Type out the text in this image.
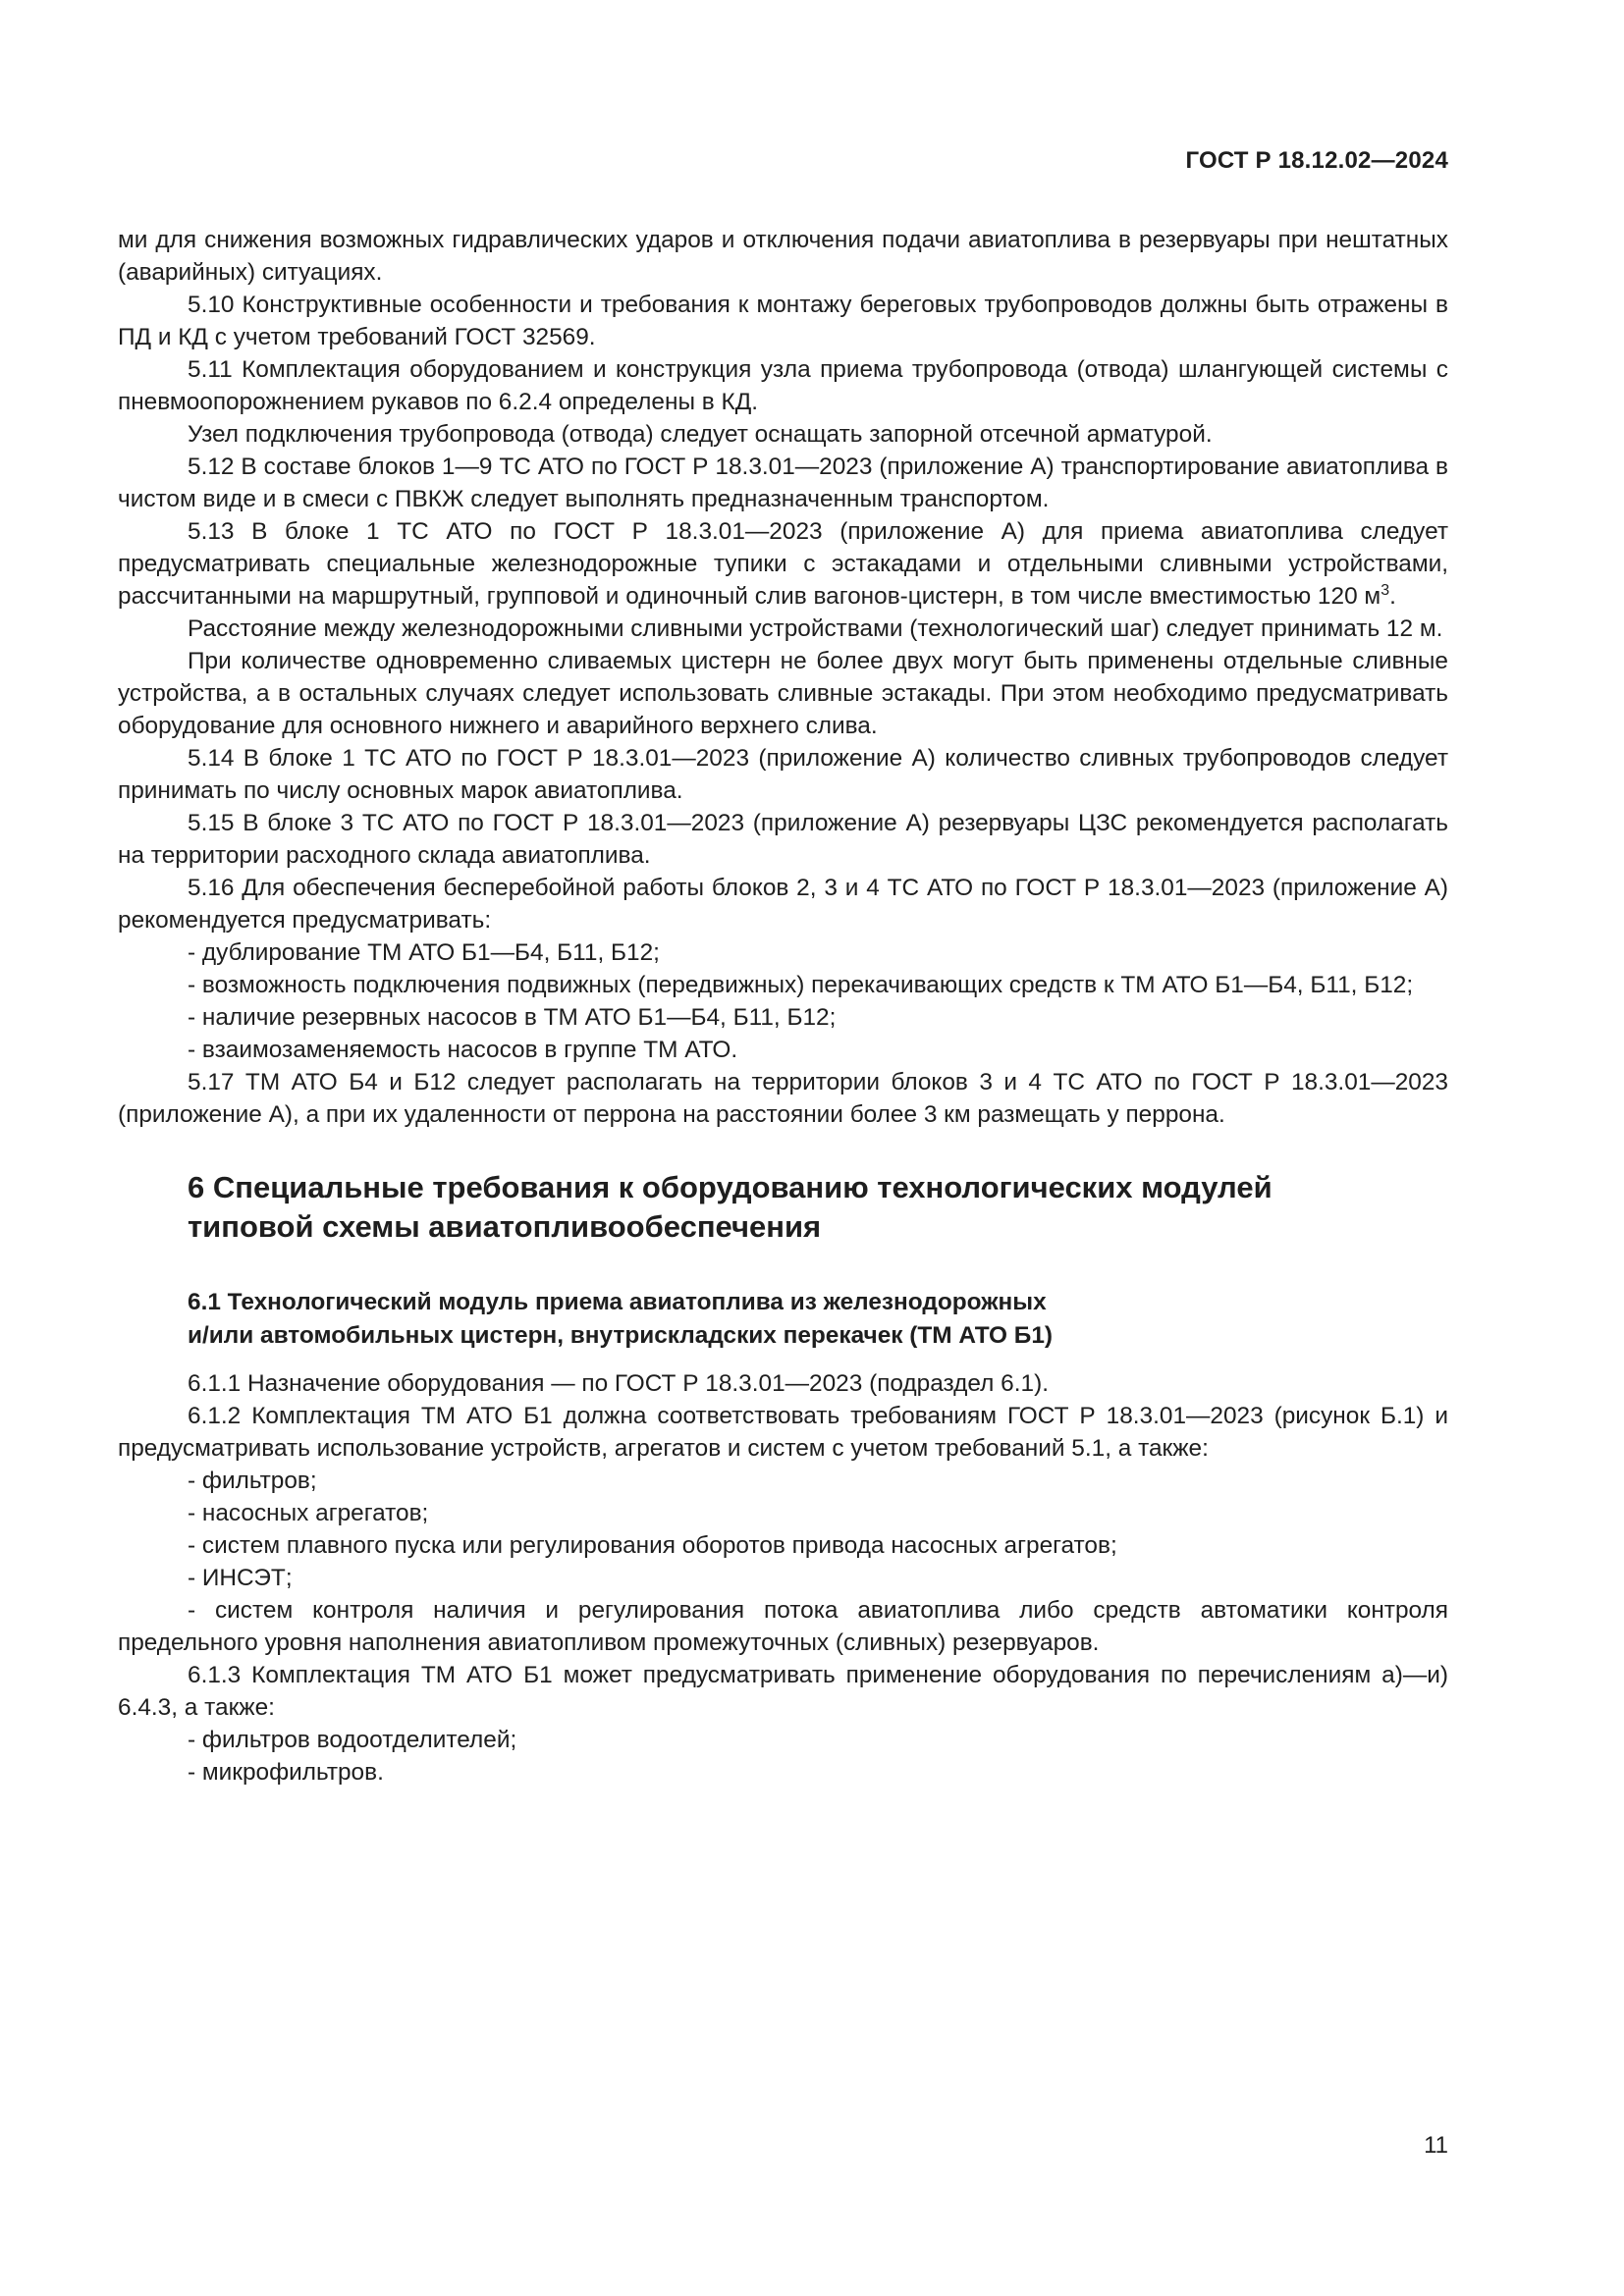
ГОСТ Р 18.12.02—2024

ми для снижения возможных гидравлических ударов и отключения подачи авиатоплива в резервуары при нештатных (аварийных) ситуациях.

5.10 Конструктивные особенности и требования к монтажу береговых трубопроводов должны быть отражены в ПД и КД с учетом требований ГОСТ 32569.

5.11 Комплектация оборудованием и конструкция узла приема трубопровода (отвода) шлангующей системы с пневмоопорожнением рукавов по 6.2.4 определены в КД.

Узел подключения трубопровода (отвода) следует оснащать запорной отсечной арматурой.

5.12 В составе блоков 1—9 ТС АТО по ГОСТ Р 18.3.01—2023 (приложение А) транспортирование авиатоплива в чистом виде и в смеси с ПВКЖ следует выполнять предназначенным транспортом.

5.13 В блоке 1 ТС АТО по ГОСТ Р 18.3.01—2023 (приложение А) для приема авиатоплива следует предусматривать специальные железнодорожные тупики с эстакадами и отдельными сливными устройствами, рассчитанными на маршрутный, групповой и одиночный слив вагонов-цистерн, в том числе вместимостью 120 $м^3$.

Расстояние между железнодорожными сливными устройствами (технологический шаг) следует принимать 12 м.

При количестве одновременно сливаемых цистерн не более двух могут быть применены отдельные сливные устройства, а в остальных случаях следует использовать сливные эстакады. При этом необходимо предусматривать оборудование для основного нижнего и аварийного верхнего слива.

5.14 В блоке 1 ТС АТО по ГОСТ Р 18.3.01—2023 (приложение А) количество сливных трубопроводов следует принимать по числу основных марок авиатоплива.

5.15 В блоке 3 ТС АТО по ГОСТ Р 18.3.01—2023 (приложение А) резервуары ЦЗС рекомендуется располагать на территории расходного склада авиатоплива.

5.16 Для обеспечения бесперебойной работы блоков 2, 3 и 4 ТС АТО по ГОСТ Р 18.3.01—2023 (приложение А) рекомендуется предусматривать:

- дублирование ТМ АТО Б1—Б4, Б11, Б12;

- возможность подключения подвижных (передвижных) перекачивающих средств к ТМ АТО Б1—Б4, Б11, Б12;

- наличие резервных насосов в ТМ АТО Б1—Б4, Б11, Б12;

- взаимозаменяемость насосов в группе ТМ АТО.

5.17 ТМ АТО Б4 и Б12 следует располагать на территории блоков 3 и 4 ТС АТО по ГОСТ Р 18.3.01—2023 (приложение А), а при их удаленности от перрона на расстоянии более 3 км размещать у перрона.

6 Специальные требования к оборудованию технологических модулей
типовой схемы авиатопливообеспечения
6.1 Технологический модуль приема авиатоплива из железнодорожных
и/или автомобильных цистерн, внутрискладских перекачек (ТМ АТО Б1)

6.1.1 Назначение оборудования — по ГОСТ Р 18.3.01—2023 (подраздел 6.1).

6.1.2 Комплектация ТМ АТО Б1 должна соответствовать требованиям ГОСТ Р 18.3.01—2023 (рисунок Б.1) и предусматривать использование устройств, агрегатов и систем с учетом требований 5.1, а также:

- фильтров;

- насосных агрегатов;

- систем плавного пуска или регулирования оборотов привода насосных агрегатов;

- ИНСЭТ;

- систем контроля наличия и регулирования потока авиатоплива либо средств автоматики контроля предельного уровня наполнения авиатопливом промежуточных (сливных) резервуаров.

6.1.3 Комплектация ТМ АТО Б1 может предусматривать применение оборудования по перечислениям а)—и) 6.4.3, а также:

- фильтров водоотделителей;

- микрофильтров.

11
